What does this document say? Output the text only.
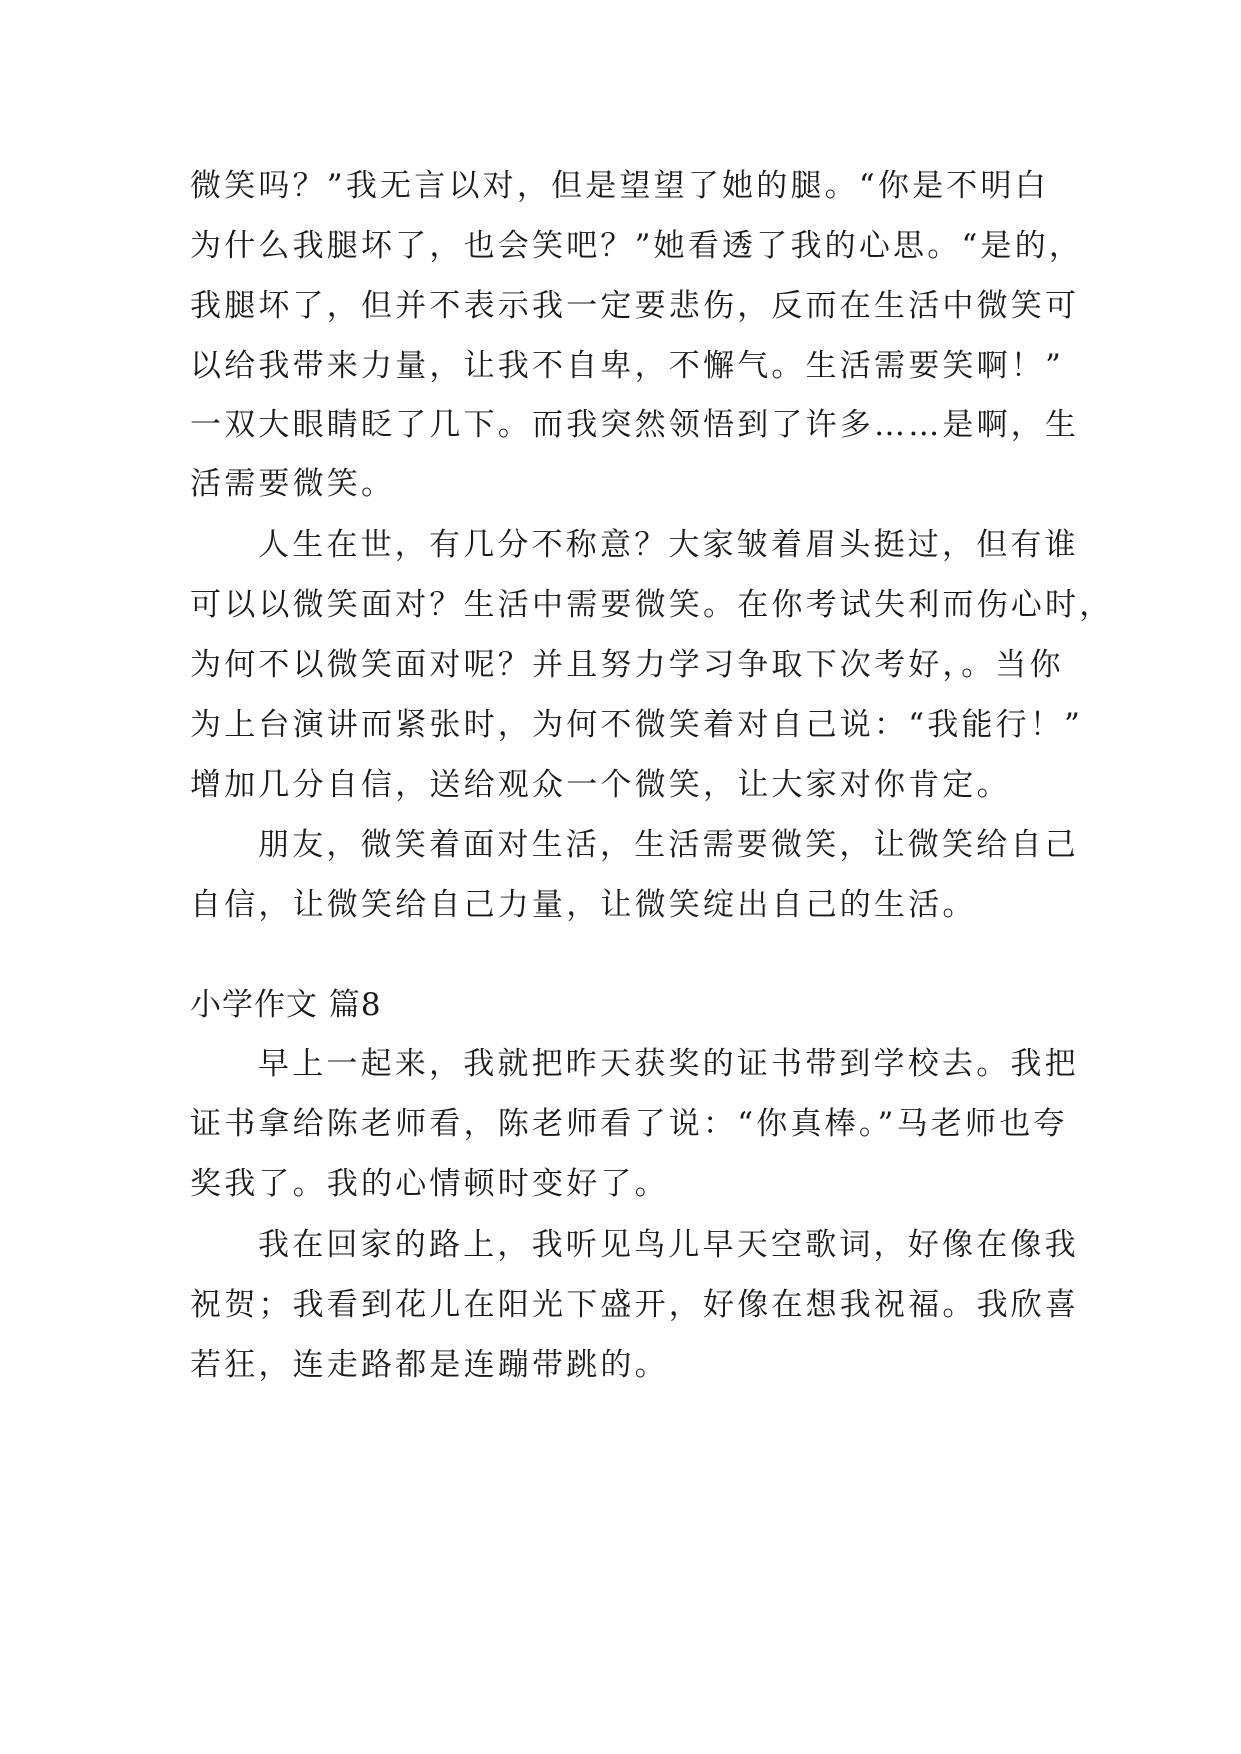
微笑吗？”我无言以对，但是望望了她的腿。“你是不明白
为什么我腿坏了，也会笑吧？”她看透了我的心思。“是的，
我腿坏了，但并不表示我一定要悲伤，反而在生活中微笑可
以给我带来力量，让我不自卑，不懈气。生活需要笑啊！”
一双大眼睛眨了几下。而我突然领悟到了许多……是啊，生
活需要微笑。
人生在世，有几分不称意？大家皱着眉头挺过，但有谁
可以以微笑面对？生活中需要微笑。在你考试失利而伤心时，
为何不以微笑面对呢？并且努力学习争取下次考好，。当你
为上台演讲而紧张时，为何不微笑着对自己说：“我能行！”
增加几分自信，送给观众一个微笑，让大家对你肯定。
朋友，微笑着面对生活，生活需要微笑，让微笑给自己
自信，让微笑给自己力量，让微笑绽出自己的生活。
小学作文 篇8
早上一起来，我就把昨天获奖的证书带到学校去。我把
证书拿给陈老师看，陈老师看了说：“你真棒。”马老师也夸
奖我了。我的心情顿时变好了。
我在回家的路上，我听见鸟儿早天空歌词，好像在像我
祝贺；我看到花儿在阳光下盛开，好像在想我祝福。我欣喜
若狂，连走路都是连蹦带跳的。
